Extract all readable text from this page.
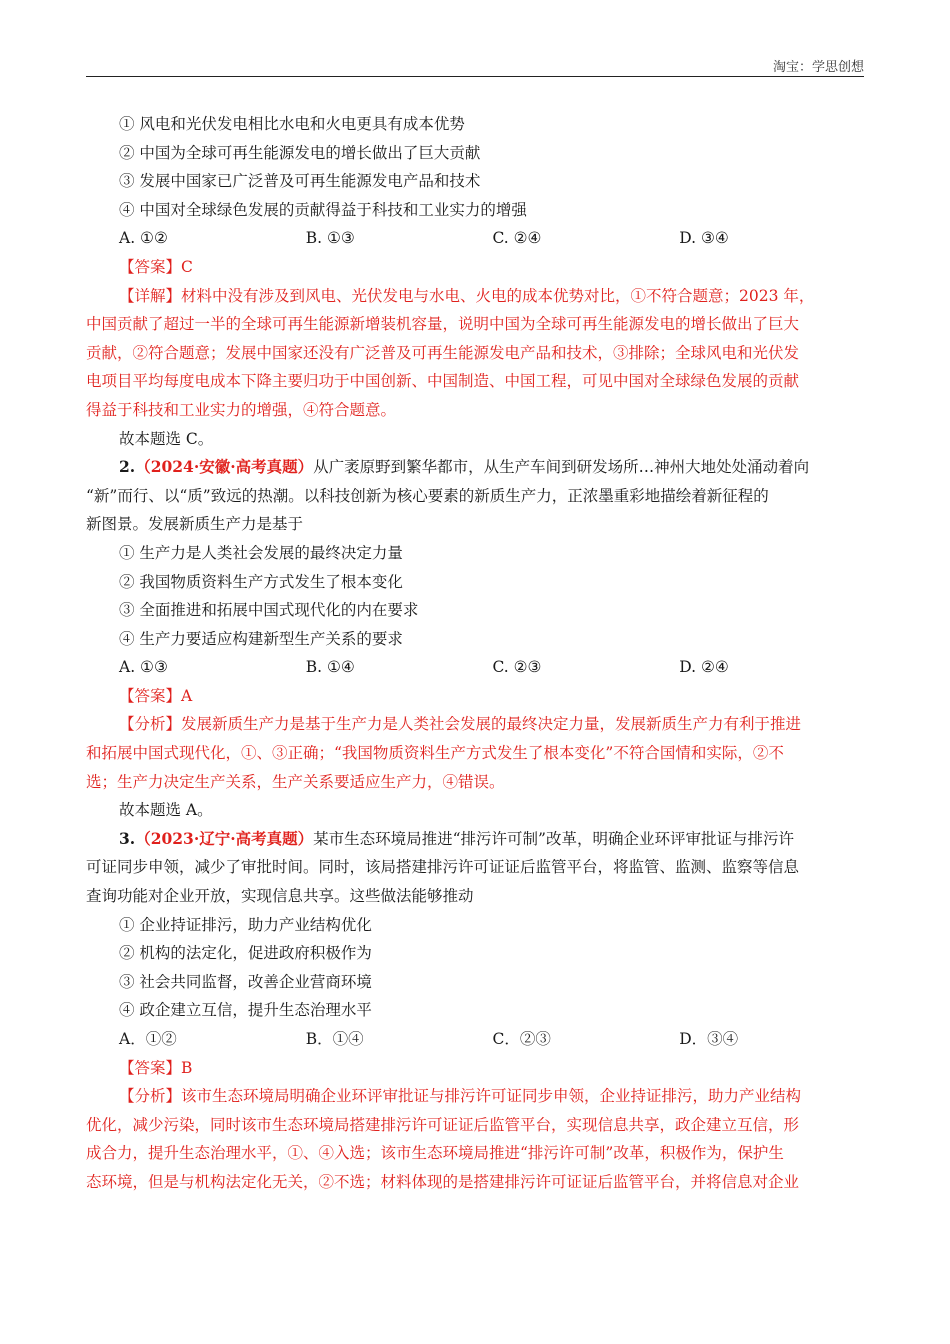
淘宝：学思创想
① 风电和光伏发电相比水电和火电更具有成本优势
② 中国为全球可再生能源发电的增长做出了巨大贡献
③ 发展中国家已广泛普及可再生能源发电产品和技术
④ 中国对全球绿色发展的贡献得益于科技和工业实力的增强
A. ①②	B. ①③	C. ②④	D. ③④
【答案】C
【详解】材料中没有涉及到风电、光伏发电与水电、火电的成本优势对比，①不符合题意；2023 年，
中国贡献了超过一半的全球可再生能源新增装机容量，说明中国为全球可再生能源发电的增长做出了巨大
贡献，②符合题意；发展中国家还没有广泛普及可再生能源发电产品和技术，③排除；全球风电和光伏发
电项目平均每度电成本下降主要归功于中国创新、中国制造、中国工程，可见中国对全球绿色发展的贡献
得益于科技和工业实力的增强，④符合题意。
故本题选 C。
2.（2024·安徽·高考真题）从广袤原野到繁华都市，从生产车间到研发场所…神州大地处处涌动着向
“新”而行、以“质”致远的热潮。以科技创新为核心要素的新质生产力，正浓墨重彩地描绘着新征程的
新图景。发展新质生产力是基于
① 生产力是人类社会发展的最终决定力量
② 我国物质资料生产方式发生了根本变化
③ 全面推进和拓展中国式现代化的内在要求
④ 生产力要适应构建新型生产关系的要求
A. ①③	B. ①④	C. ②③	D. ②④
【答案】A
【分析】发展新质生产力是基于生产力是人类社会发展的最终决定力量，发展新质生产力有利于推进
和拓展中国式现代化，①、③正确；“我国物质资料生产方式发生了根本变化”不符合国情和实际，②不
选；生产力决定生产关系，生产关系要适应生产力，④错误。
故本题选 A。
3.（2023·辽宁·高考真题）某市生态环境局推进“排污许可制”改革，明确企业环评审批证与排污许
可证同步申领，减少了审批时间。同时，该局搭建排污许可证证后监管平台，将监管、监测、监察等信息
查询功能对企业开放，实现信息共享。这些做法能够推动
① 企业持证排污，助力产业结构优化
② 机构的法定化，促进政府积极作为
③ 社会共同监督，改善企业营商环境
④ 政企建立互信，提升生态治理水平
A．①②	B．①④	C．②③	D．③④
【答案】B
【分析】该市生态环境局明确企业环评审批证与排污许可证同步申领，企业持证排污，助力产业结构
优化，减少污染，同时该市生态环境局搭建排污许可证证后监管平台，实现信息共享，政企建立互信，形
成合力，提升生态治理水平，①、④入选；该市生态环境局推进“排污许可制”改革，积极作为，保护生
态环境，但是与机构法定化无关，②不选；材料体现的是搭建排污许可证证后监管平台，并将信息对企业
